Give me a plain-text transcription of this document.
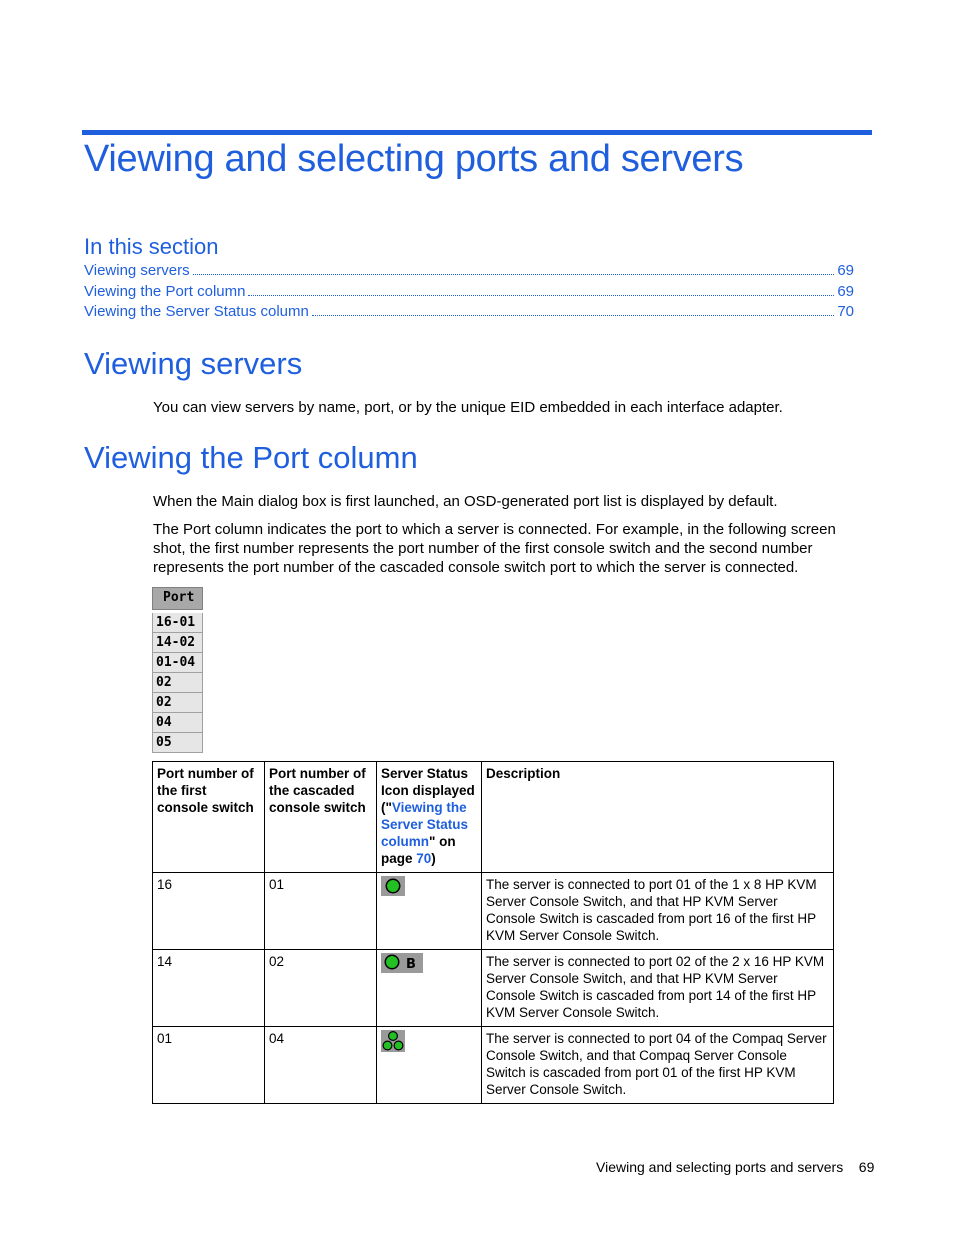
Viewing and selecting ports and servers
In this section
Viewing servers	69
Viewing the Port column	69
Viewing the Server Status column	70
Viewing servers

You can view servers by name, port, or by the unique EID embedded in each interface adapter.

Viewing the Port column

When the Main dialog box is first launched, an OSD-generated port list is displayed by default.

The Port column indicates the port to which a server is connected. For example, in the following screen shot, the first number represents the port number of the first console switch and the second number represents the port number of the cascaded console switch port to which the server is connected.

Port
16-01
14-02
01-04
02
02
04
05
Port number of the first console switch	Port number of the cascaded console switch	Server Status Icon displayed ("Viewing the Server Status column" on page 70)	Description
16	01		The server is connected to port 01 of the 1 x 8 HP KVM Server Console Switch, and that HP KVM Server Console Switch is cascaded from port 16 of the first HP KVM Server Console Switch.
14	02	B	The server is connected to port 02 of the 2 x 16 HP KVM Server Console Switch, and that HP KVM Server Console Switch is cascaded from port 14 of the first HP KVM Server Console Switch.
01	04		The server is connected to port 04 of the Compaq Server Console Switch, and that Compaq Server Console Switch is cascaded from port 01 of the first HP KVM Server Console Switch.
Viewing and selecting ports and servers 69
